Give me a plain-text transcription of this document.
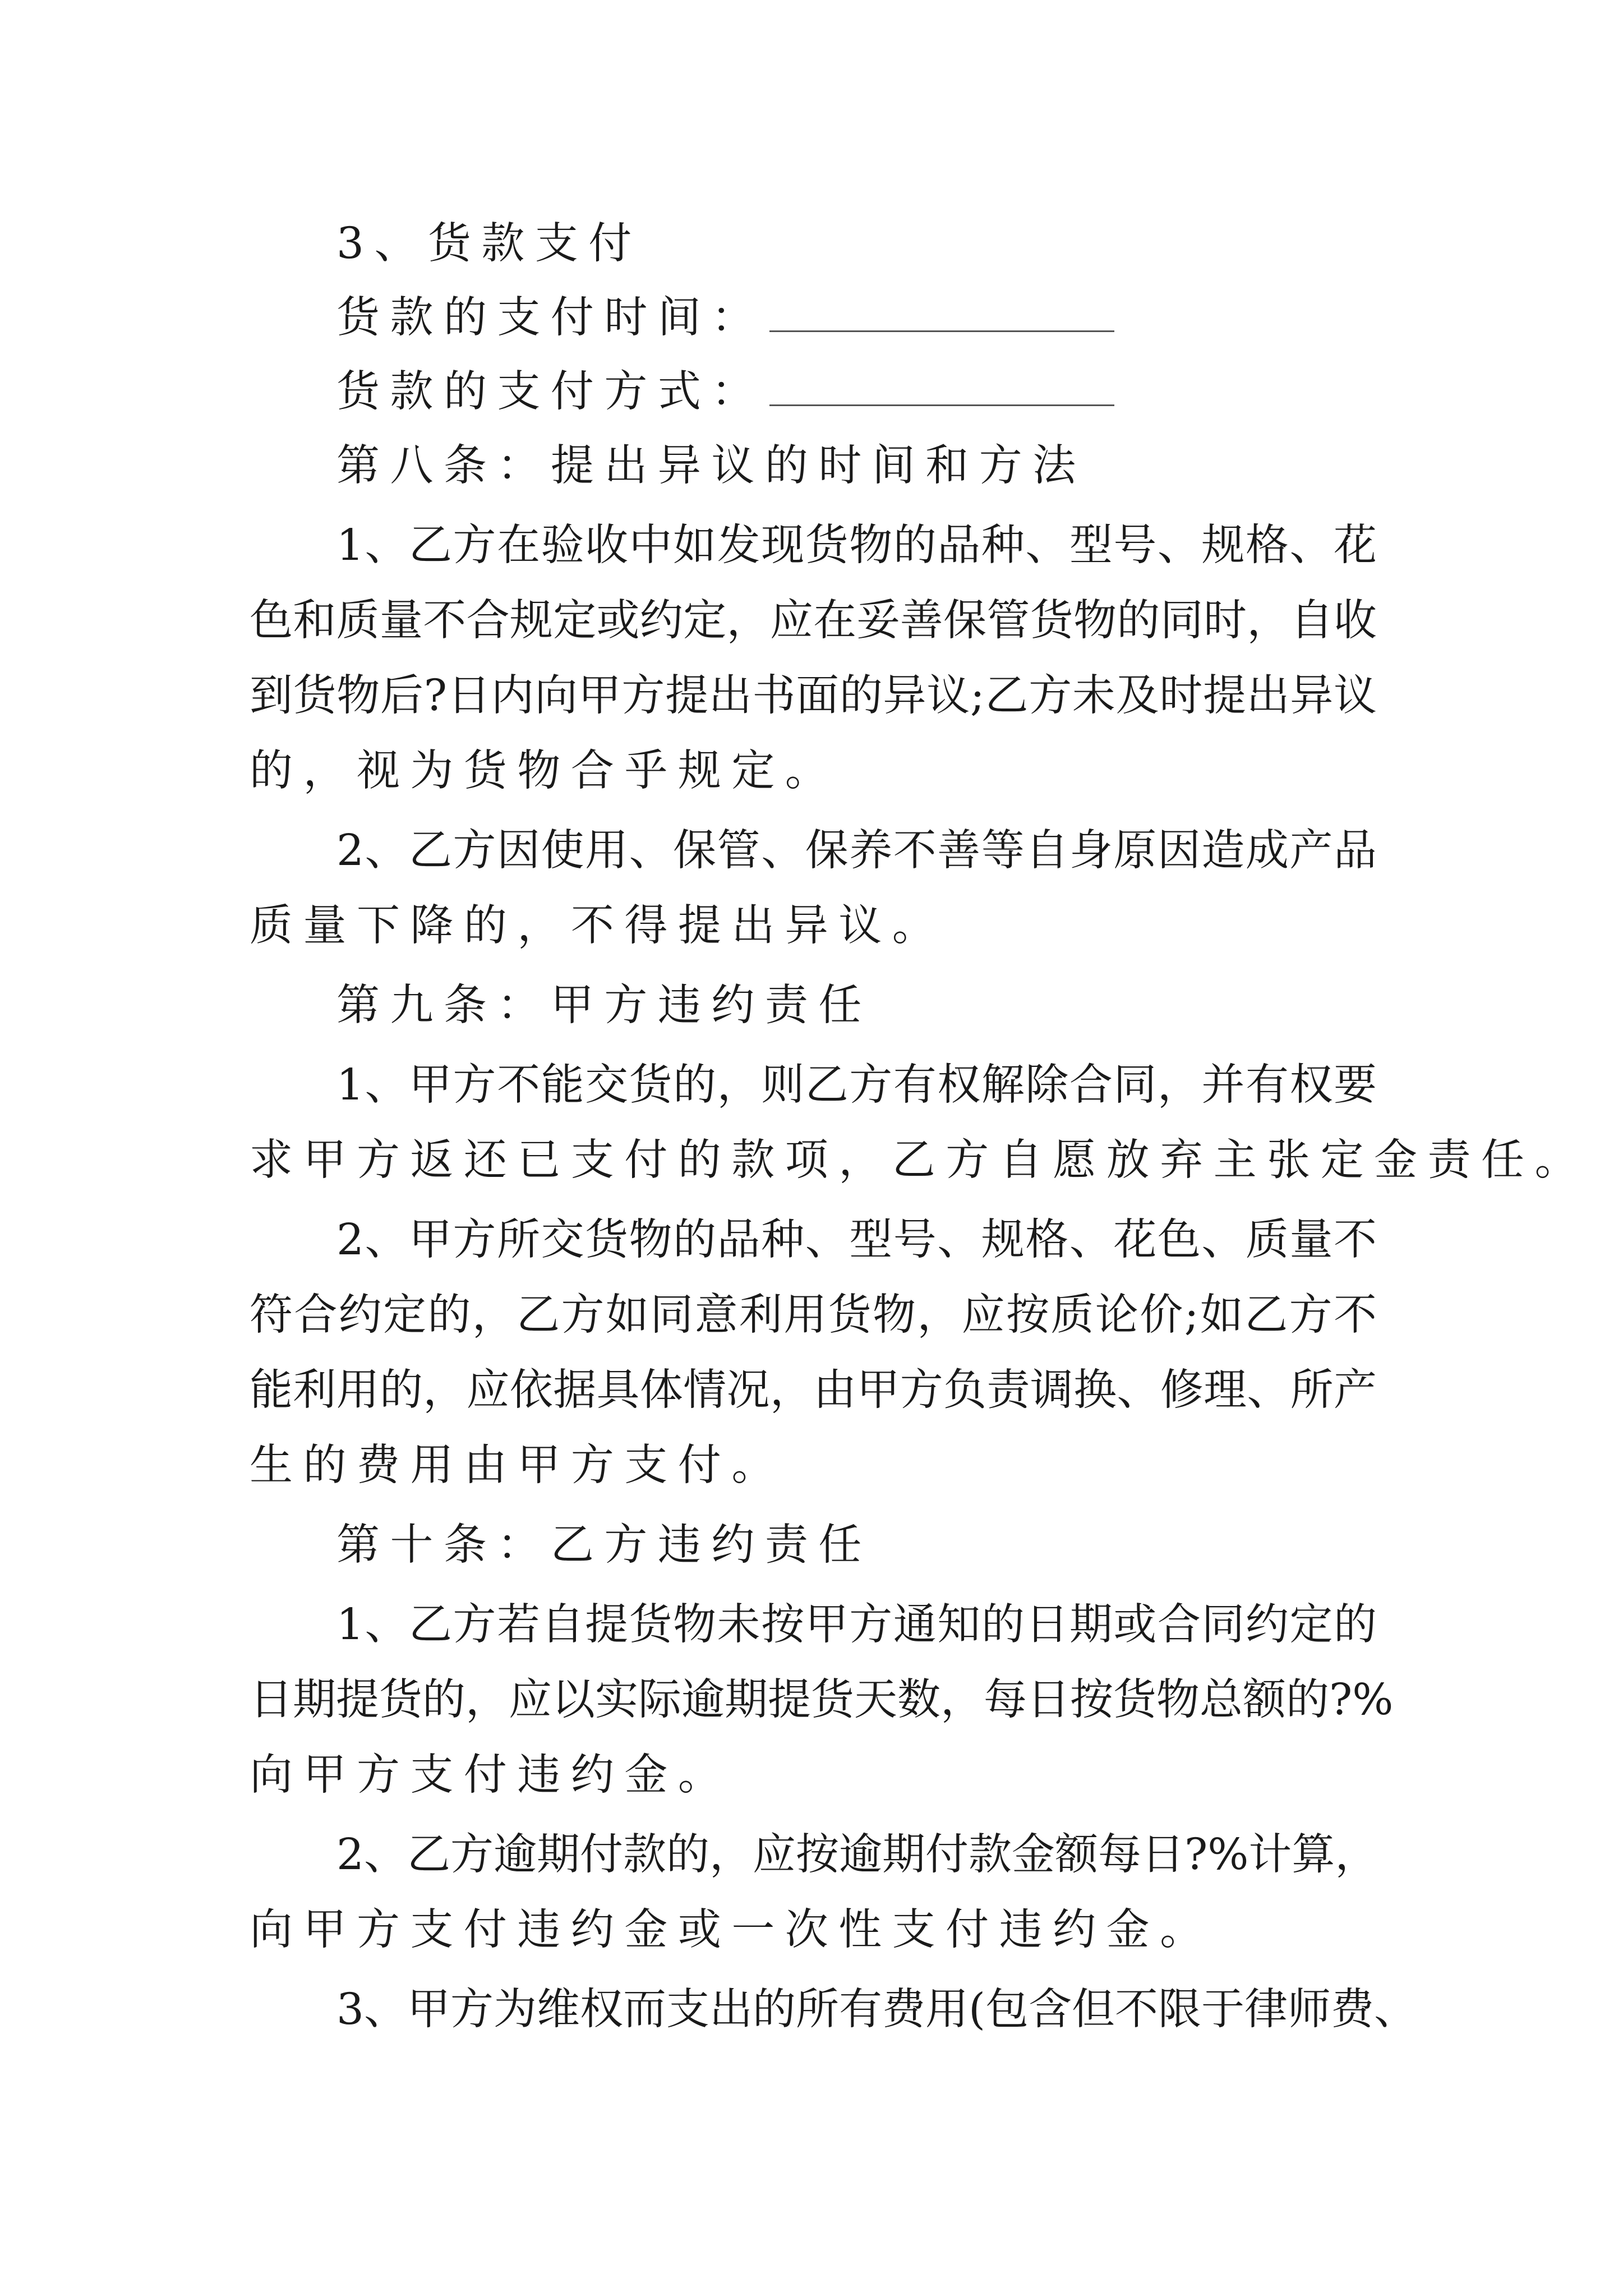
3、货款支付
货款的支付时间：
货款的支付方式：
第八条：提出异议的时间和方法
1、乙方在验收中如发现货物的品种、型号、规格、花
色和质量不合规定或约定，应在妥善保管货物的同时，自收
到货物后?日内向甲方提出书面的异议;乙方未及时提出异议
的，视为货物合乎规定。
2、乙方因使用、保管、保养不善等自身原因造成产品
质量下降的，不得提出异议。
第九条：甲方违约责任
1、甲方不能交货的，则乙方有权解除合同，并有权要
求甲方返还已支付的款项，乙方自愿放弃主张定金责任。
2、甲方所交货物的品种、型号、规格、花色、质量不
符合约定的，乙方如同意利用货物，应按质论价;如乙方不
能利用的，应依据具体情况，由甲方负责调换、修理、所产
生的费用由甲方支付。
第十条：乙方违约责任
1、乙方若自提货物未按甲方通知的日期或合同约定的
日期提货的，应以实际逾期提货天数，每日按货物总额的?%
向甲方支付违约金。
2、乙方逾期付款的，应按逾期付款金额每日?%计算，
向甲方支付违约金或一次性支付违约金。
3、甲方为维权而支出的所有费用(包含但不限于律师费、
